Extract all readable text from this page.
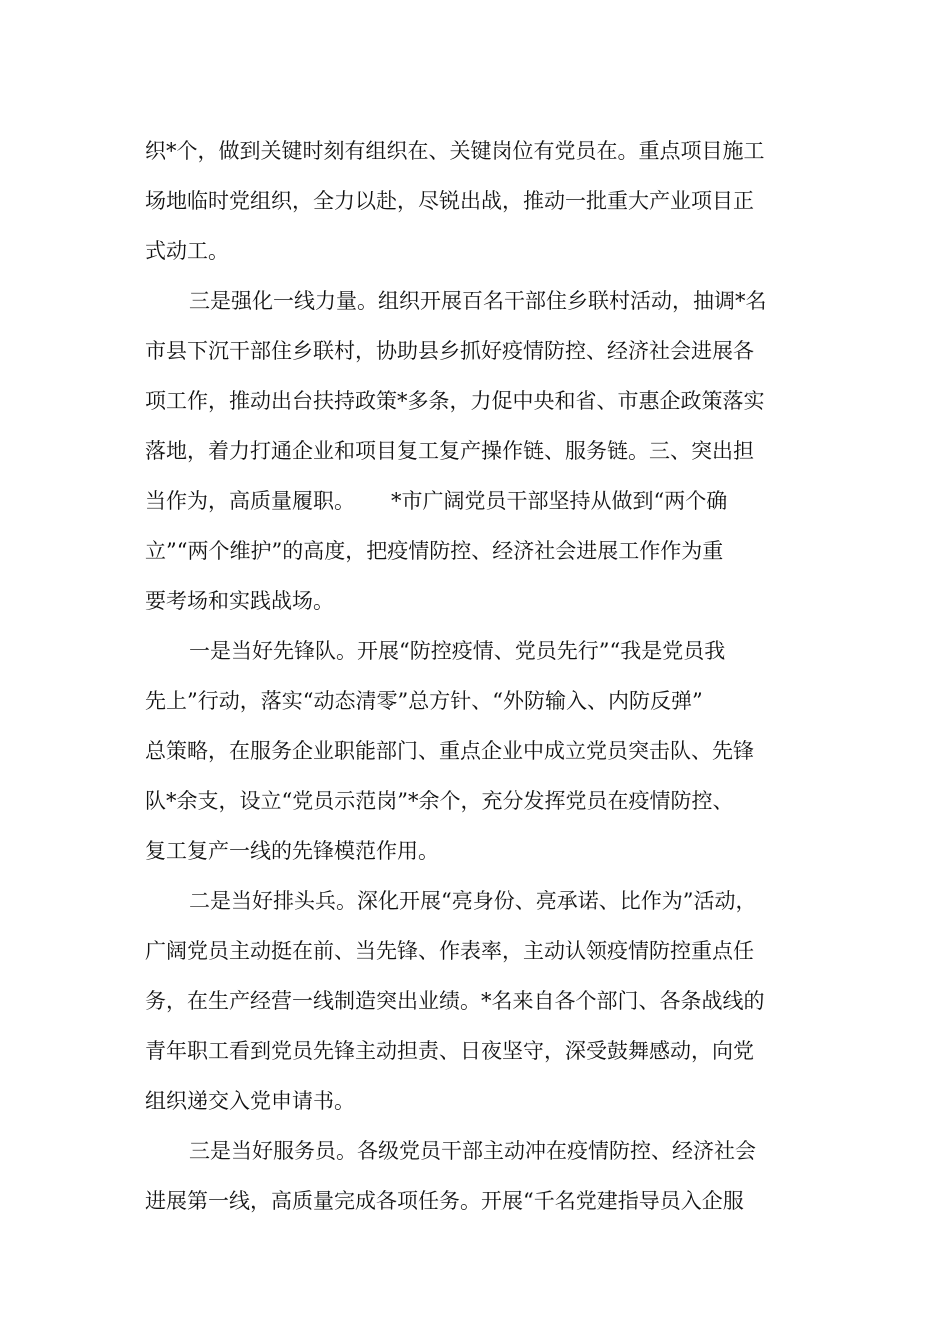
织*个，做到关键时刻有组织在、关键岗位有党员在。重点项目施工
场地临时党组织，全力以赴，尽锐出战，推动一批重大产业项目正
式动工。
三是强化一线力量。组织开展百名干部住乡联村活动，抽调*名
市县下沉干部住乡联村，协助县乡抓好疫情防控、经济社会进展各
项工作，推动出台扶持政策*多条，力促中央和省、市惠企政策落实
落地，着力打通企业和项目复工复产操作链、服务链。三、突出担
当作为，高质量履职。 *市广阔党员干部坚持从做到“两个确
立”“两个维护”的高度，把疫情防控、经济社会进展工作作为重
要考场和实践战场。
一是当好先锋队。开展“防控疫情、党员先行”“我是党员我
先上”行动，落实“动态清零”总方针、“外防输入、内防反弹”
总策略，在服务企业职能部门、重点企业中成立党员突击队、先锋
队*余支，设立“党员示范岗”*余个，充分发挥党员在疫情防控、
复工复产一线的先锋模范作用。
二是当好排头兵。深化开展“亮身份、亮承诺、比作为”活动，
广阔党员主动挺在前、当先锋、作表率，主动认领疫情防控重点任
务，在生产经营一线制造突出业绩。*名来自各个部门、各条战线的
青年职工看到党员先锋主动担责、日夜坚守，深受鼓舞感动，向党
组织递交入党申请书。
三是当好服务员。各级党员干部主动冲在疫情防控、经济社会
进展第一线，高质量完成各项任务。开展“千名党建指导员入企服
